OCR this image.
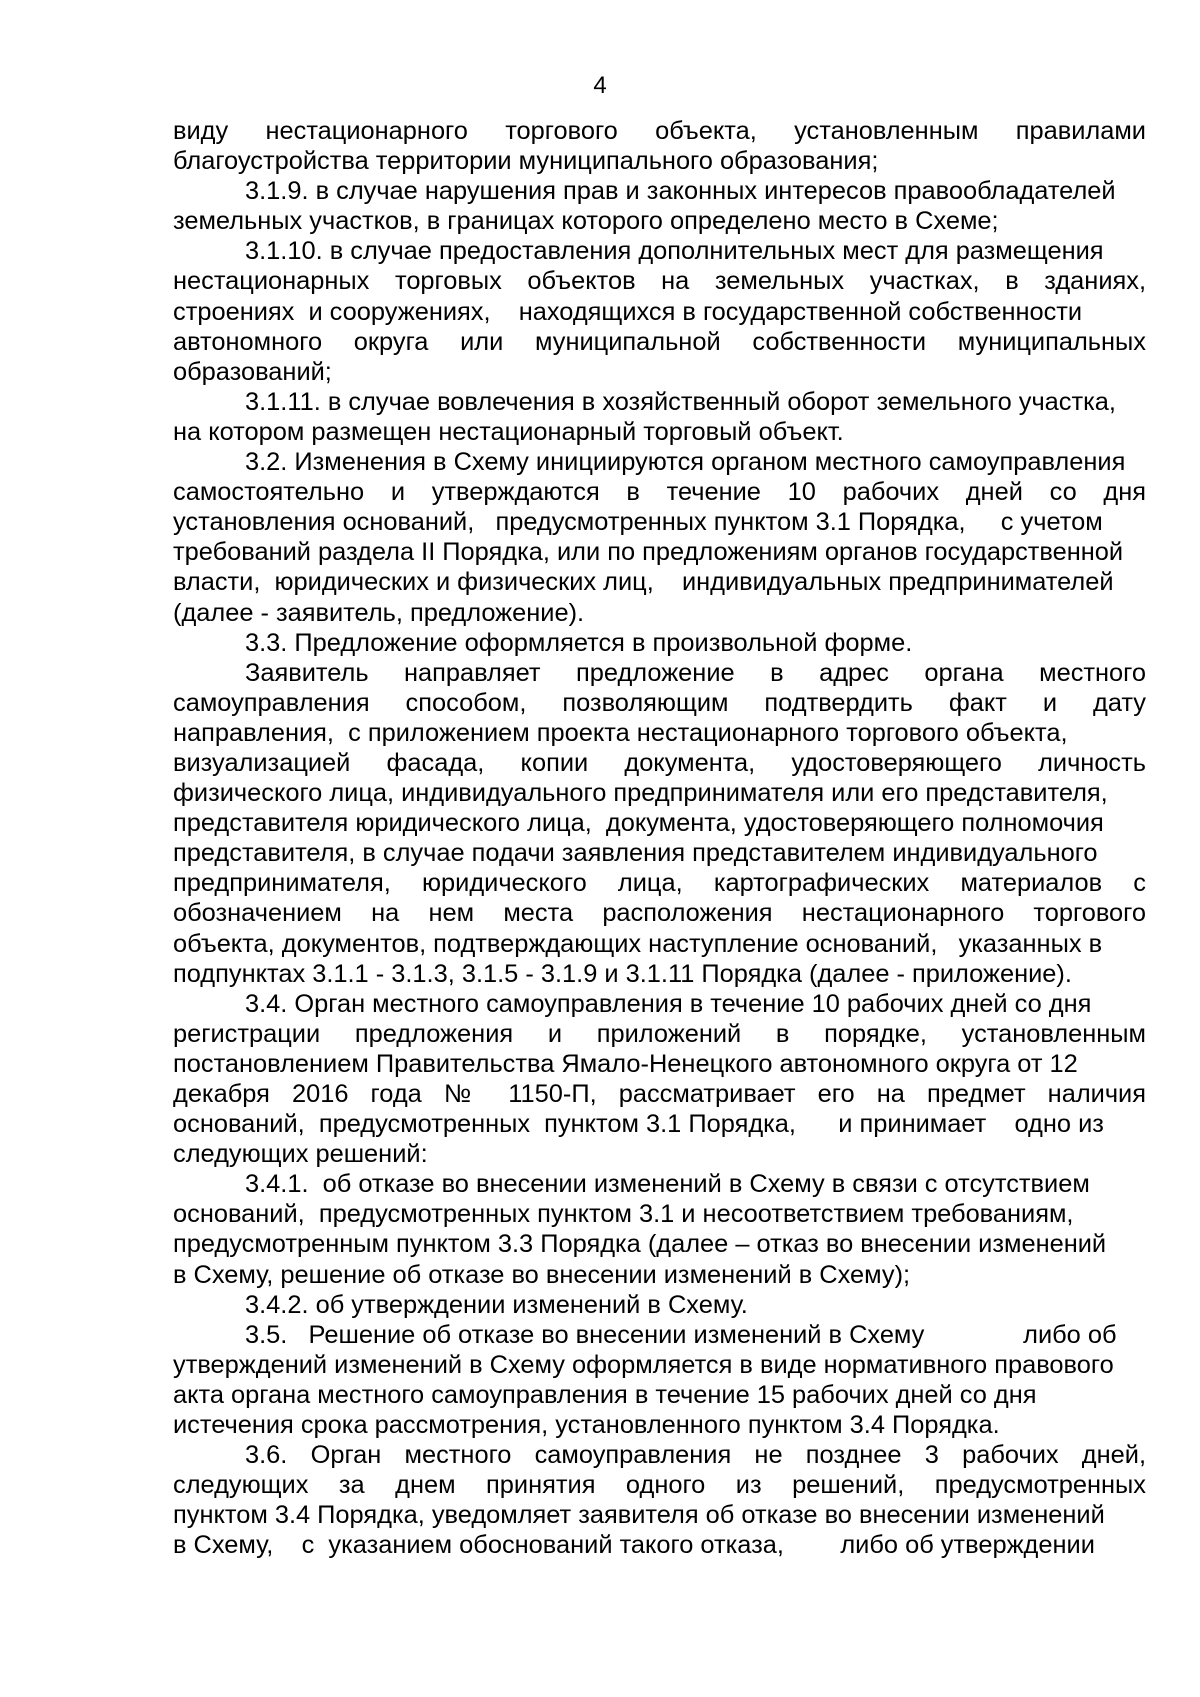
4
виду нестационарного торгового объекта, установленным правилами
благоустройства территории муниципального образования;
3.1.9. в случае нарушения прав и законных интересов правообладателей
земельных участков, в границах которого определено место в Схеме;
3.1.10. в случае предоставления дополнительных мест для размещения
нестационарных торговых объектов на земельных участках, в зданиях,
строениях  и сооружениях,    находящихся в государственной собственности
автономного округа или муниципальной собственности муниципальных
образований;
3.1.11. в случае вовлечения в хозяйственный оборот земельного участка,
на котором размещен нестационарный торговый объект.
3.2. Изменения в Схему инициируются органом местного самоуправления
самостоятельно и утверждаются в течение 10 рабочих дней со дня
установления оснований,   предусмотренных пунктом 3.1 Порядка,     с учетом
требований раздела II Порядка, или по предложениям органов государственной
власти,  юридических и физических лиц,    индивидуальных предпринимателей
(далее - заявитель, предложение).
3.3. Предложение оформляется в произвольной форме.
Заявитель направляет предложение в адрес органа местного
самоуправления способом, позволяющим подтвердить факт и дату
направления,  с приложением проекта нестационарного торгового объекта,
визуализацией фасада, копии документа, удостоверяющего личность
физического лица, индивидуального предпринимателя или его представителя,
представителя юридического лица,  документа, удостоверяющего полномочия
представителя, в случае подачи заявления представителем индивидуального
предпринимателя, юридического лица, картографических материалов с
обозначением на нем места расположения нестационарного торгового
объекта, документов, подтверждающих наступление оснований,   указанных в
подпунктах 3.1.1 - 3.1.3, 3.1.5 - 3.1.9 и 3.1.11 Порядка (далее - приложение).
3.4. Орган местного самоуправления в течение 10 рабочих дней со дня
регистрации предложения и приложений в порядке, установленным
постановлением Правительства Ямало-Ненецкого автономного округа от 12
декабря 2016 года № 1150-П, рассматривает его на предмет наличия
оснований,  предусмотренных  пунктом 3.1 Порядка,      и принимает    одно из
следующих решений:
3.4.1.  об отказе во внесении изменений в Схему в связи с отсутствием
оснований,  предусмотренных пунктом 3.1 и несоответствием требованиям,
предусмотренным пунктом 3.3 Порядка (далее – отказ во внесении изменений
в Схему, решение об отказе во внесении изменений в Схему);
3.4.2. об утверждении изменений в Схему.
3.5.   Решение об отказе во внесении изменений в Схему              либо об
утверждений изменений в Схему оформляется в виде нормативного правового
акта органа местного самоуправления в течение 15 рабочих дней со дня
истечения срока рассмотрения, установленного пунктом 3.4 Порядка.
3.6. Орган местного самоуправления не позднее 3 рабочих дней,
следующих за днем принятия одного из решений, предусмотренных
пунктом 3.4 Порядка, уведомляет заявителя об отказе во внесении изменений
в Схему,    с  указанием обоснований такого отказа,        либо об утверждении
